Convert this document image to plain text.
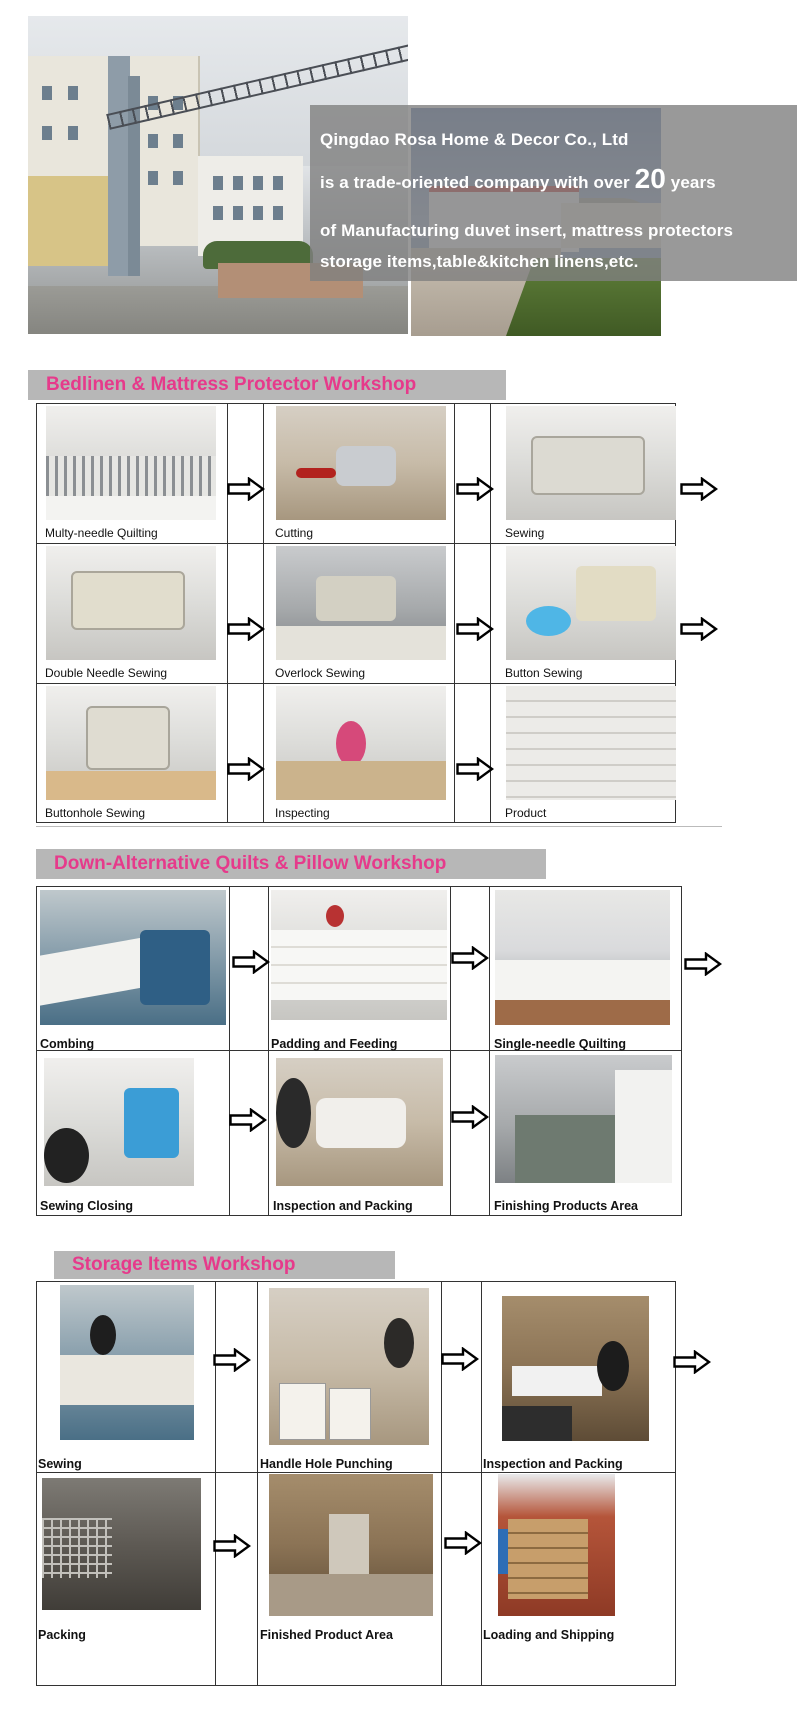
Qingdao Rosa Home & Decor Co., Ltd
is a trade-oriented company with over 20 years
of Manufacturing duvet insert, mattress protectors
storage items,table&kitchen linens,etc.
Bedlinen & Mattress Protector Workshop
Multy-needle Quilting	Cutting	Sewing
Double Needle Sewing	Overlock Sewing	Button Sewing
Buttonhole Sewing	Inspecting	Product
Down-Alternative Quilts & Pillow Workshop
Combing	Padding and Feeding	Single-needle Quilting
Sewing Closing	Inspection and Packing	Finishing Products Area
Storage Items Workshop
Sewing	Handle Hole Punching	Inspection and Packing
Packing	Finished Product Area	Loading and Shipping
